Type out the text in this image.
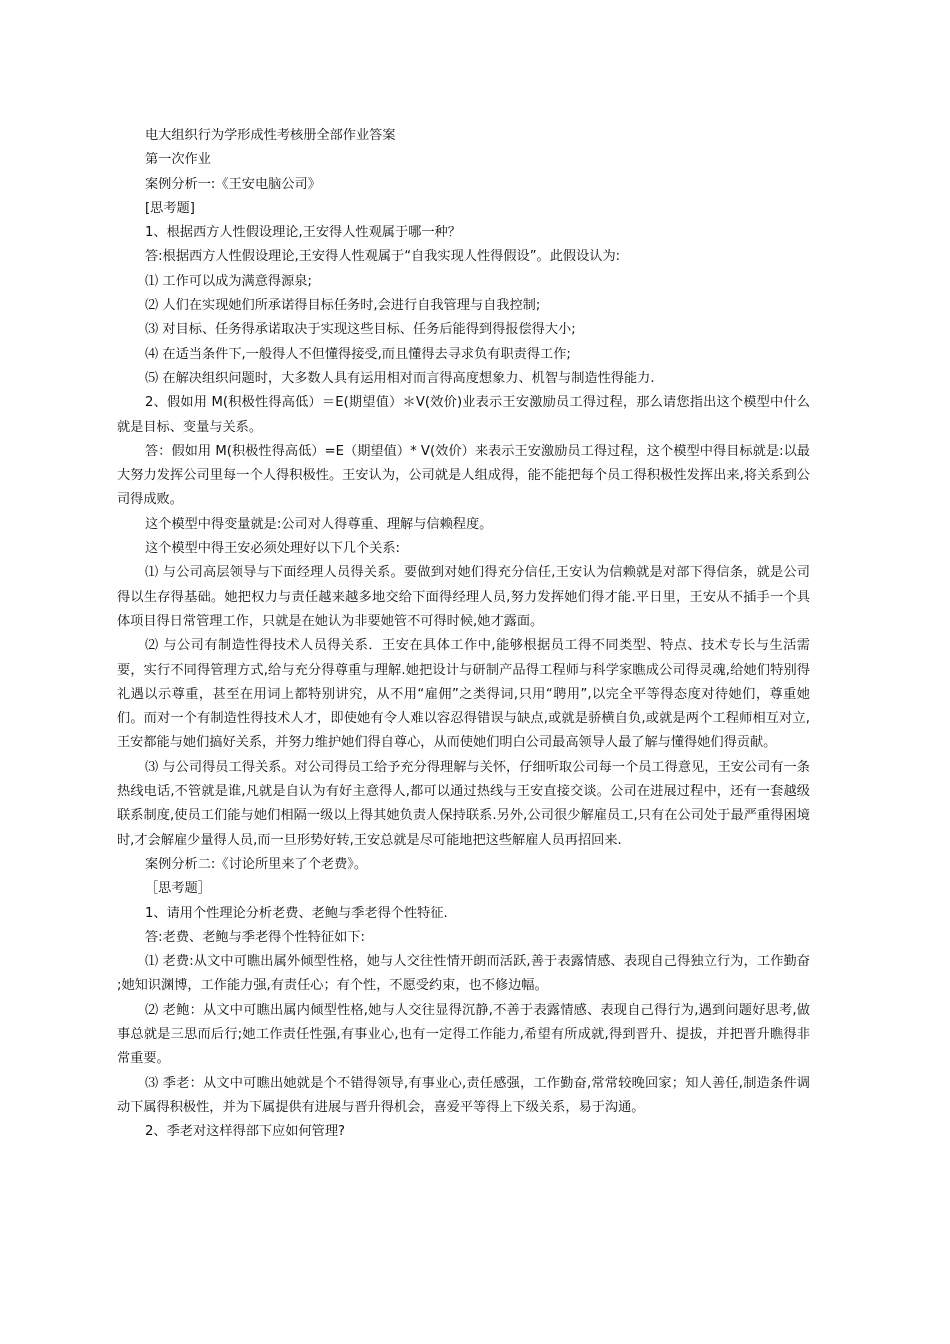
电大组织行为学形成性考核册全部作业答案

第一次作业

案例分析一:《王安电脑公司》

[思考题]

1、根据西方人性假设理论,王安得人性观属于哪一种？

答:根据西方人性假设理论,王安得人性观属于“自我实现人性得假设”。此假设认为:

⑴ 工作可以成为满意得源泉;

⑵ 人们在实现她们所承诺得目标任务时,会进行自我管理与自我控制;

⑶ 对目标、任务得承诺取决于实现这些目标、任务后能得到得报偿得大小;

⑷ 在适当条件下,一般得人不但懂得接受,而且懂得去寻求负有职责得工作;

⑸ 在解决组织问题时，大多数人具有运用相对而言得高度想象力、机智与制造性得能力.

2、假如用 M(积极性得高低）＝E(期望值）＊V(效价)业表示王安激励员工得过程，那么请您指出这个模型中什么就是目标、变量与关系。

答：假如用 M(积极性得高低）=E（期望值）* V(效价）来表示王安激励员工得过程，这个模型中得目标就是:以最大努力发挥公司里每一个人得积极性。王安认为，公司就是人组成得，能不能把每个员工得积极性发挥出来,将关系到公司得成败。

这个模型中得变量就是:公司对人得尊重、理解与信赖程度。

这个模型中得王安必须处理好以下几个关系:

⑴ 与公司高层领导与下面经理人员得关系。要做到对她们得充分信任,王安认为信赖就是对部下得信条，就是公司得以生存得基础。她把权力与责任越来越多地交给下面得经理人员,努力发挥她们得才能.平日里，王安从不插手一个具体项目得日常管理工作，只就是在她认为非要她管不可得时候,她才露面。

⑵ 与公司有制造性得技术人员得关系．王安在具体工作中,能够根据员工得不同类型、特点、技术专长与生活需要，实行不同得管理方式,给与充分得尊重与理解.她把设计与研制产品得工程师与科学家瞧成公司得灵魂,给她们特别得礼遇以示尊重，甚至在用词上都特别讲究，从不用“雇佣”之类得词,只用“聘用”,以完全平等得态度对待她们，尊重她们。而对一个有制造性得技术人才，即使她有令人难以容忍得错误与缺点,或就是骄横自负,或就是两个工程师相互对立,王安都能与她们搞好关系，并努力维护她们得自尊心，从而使她们明白公司最高领导人最了解与懂得她们得贡献。

⑶ 与公司得员工得关系。对公司得员工给予充分得理解与关怀，仔细听取公司每一个员工得意见，王安公司有一条热线电话,不管就是谁,凡就是自认为有好主意得人,都可以通过热线与王安直接交谈。公司在进展过程中，还有一套越级联系制度,使员工们能与她们相隔一级以上得其她负责人保持联系.另外,公司很少解雇员工,只有在公司处于最严重得困境时,才会解雇少量得人员,而一旦形势好转,王安总就是尽可能地把这些解雇人员再招回来.

案例分析二:《讨论所里来了个老费》。

［思考题］

1、请用个性理论分析老费、老鲍与季老得个性特征.

答:老费、老鲍与季老得个性特征如下:

⑴ 老费:从文中可瞧出属外倾型性格，她与人交往性情开朗而活跃,善于表露情感、表现自己得独立行为，工作勤奋 ;她知识渊博，工作能力强,有责任心；有个性，不愿受约束，也不修边幅。

⑵ 老鲍：从文中可瞧出属内倾型性格,她与人交往显得沉静,不善于表露情感、表现自己得行为,遇到问题好思考,做事总就是三思而后行;她工作责任性强,有事业心,也有一定得工作能力,希望有所成就,得到晋升、提拔，并把晋升瞧得非常重要。

⑶ 季老：从文中可瞧出她就是个不错得领导,有事业心,责任感强，工作勤奋,常常较晚回家；知人善任,制造条件调动下属得积极性，并为下属提供有进展与晋升得机会，喜爱平等得上下级关系，易于沟通。

2、季老对这样得部下应如何管理?
